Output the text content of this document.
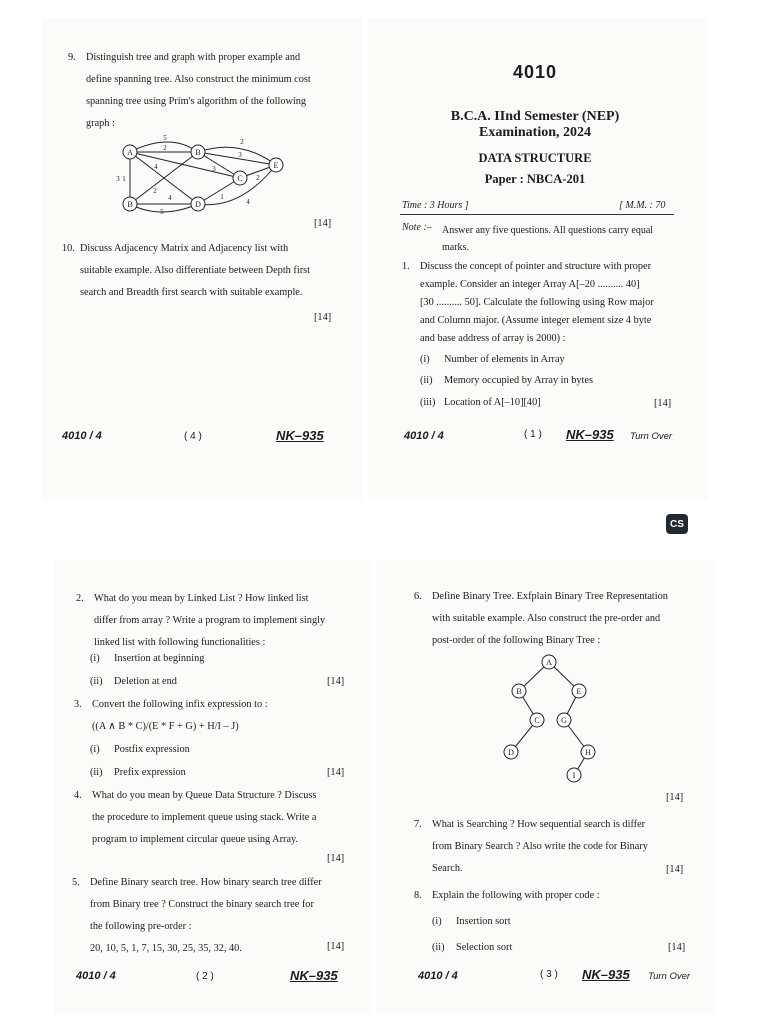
9. Distinguish tree and graph with proper example and
define spanning tree. Also construct the minimum cost
spanning tree using Prim's algorithm of the following
graph :
A	B
C
D
E
B
5
2
2
3
4	3
2
3 1
2
4	1
5
4
[14]
10. Discuss Adjacency Matrix and Adjacency list with
suitable example. Also differentiate between Depth first
search and Breadth first search with suitable example.
[14]
4010 / 4	( 4 )	NK–935
4010
B.C.A. IInd Semester (NEP)
Examination, 2024
DATA STRUCTURE
Paper : NBCA-201
Time : 3 Hours ]	[ M.M. : 70
Note :– Answer any five questions. All questions carry equal
marks.
1. Discuss the concept of pointer and structure with proper
example. Consider an integer Array A[–20 .......... 40]
[30 .......... 50]. Calculate the following using Row major
and Column major. (Assume integer element size 4 byte
and base address of array is 2000) :
(i) Number of elements in Array
(ii) Memory occupied by Array in bytes
(iii) Location of A[–10][40]	[14]
4010 / 4	( 1 ) NK–935 Turn Over
CS
2. What do you mean by Linked List ? How linked list
differ from array ? Write a program to implement singly
linked list with following functionalities :
(i) Insertion at beginning
(ii) Deletion at end	[14]
3. Convert the following infix expression to :
((A ∧ B * C)/(E * F + G) + H/I – J)
(i) Postfix expression
(ii) Prefix expression	[14]
4. What do you mean by Queue Data Structure ? Discuss
the procedure to implement queue using stack. Write a
program to implement circular queue using Array.
[14]
5. Define Binary search tree. How binary search tree differ
from Binary tree ? Construct the binary search tree for
the following pre-order :
20, 10, 5, 1, 7, 15, 30, 25, 35, 32, 40.	[14]
4010 / 4	( 2 )	NK–935
6. Define Binary Tree. Exfplain Binary Tree Representation
with suitable example. Also construct the pre-order and
post-order of the following Binary Tree :
A
B	E
C	G
D	H
I
[14]
7. What is Searching ? How sequential search is differ
from Binary Search ? Also write the code for Binary
Search.	[14]
8. Explain the following with proper code :
(i) Insertion sort
(ii) Selection sort	[14]
4010 / 4	( 3 ) NK–935 Turn Over
